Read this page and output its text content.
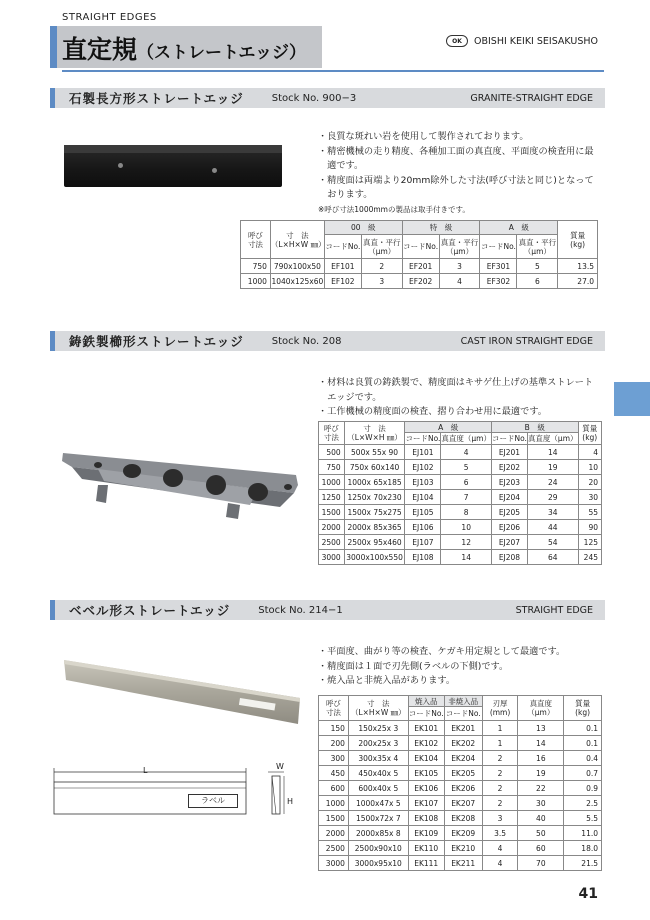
STRAIGHT EDGES
直定規（ストレートエッジ）
OK	OBISHI KEIKI SEISAKUSHO
石製長方形ストレートエッジ	Stock No. 900−3	GRANITE-STRAIGHT EDGE
・良質な斑れい岩を使用して製作されております。
・精密機械の走り精度、各種加工面の真直度、平面度の検査用に最
　適です。
・精度面は両端より20mm除外した寸法(呼び寸法と同じ)となって
　おります。
※呼び寸法1000mmの製品は取手付きです。
呼び
寸法	寸　法
（L×H×W ㎜）	00　級		特　級		A　級		質量
(kg)
		コードNo.	真直・平行
（μm）	コードNo.	真直・平行
（μm）	コードNo.	真直・平行
（μm）	
750	790x100x50	EF101	2	EF201	3	EF301	5	13.5
1000	1040x125x60	EF102	3	EF202	4	EF302	6	27.0
鋳鉄製櫛形ストレートエッジ	Stock No. 208	CAST IRON STRAIGHT EDGE
・材料は良質の鋳鉄製で、精度面はキサゲ仕上げの基準ストレート
　エッジです。
・工作機械の精度面の検査、摺り合わせ用に最適です。
呼び
寸法	寸　法
（L×W×H ㎜）	A　級		B　級		質量
(kg)
		コードNo.	真直度（μm）	コードNo.	真直度（μm）	
500	500x 55x 90	EJ101	4	EJ201	14	4
750	750x 60x140	EJ102	5	EJ202	19	10
1000	1000x 65x185	EJ103	6	EJ203	24	20
1250	1250x 70x230	EJ104	7	EJ204	29	30
1500	1500x 75x275	EJ105	8	EJ205	34	55
2000	2000x 85x365	EJ106	10	EJ206	44	90
2500	2500x 95x460	EJ107	12	EJ207	54	125
3000	3000x100x550	EJ108	14	EJ208	64	245
ベベル形ストレートエッジ	Stock No. 214−1	STRAIGHT EDGE
L	W
H
ラベル
・平面度、曲がり等の検査、ケガキ用定規として最適です。
・精度面は１面で刃先側(ラベルの下側)です。
・焼入品と非焼入品があります。
呼び
寸法	寸　法
（L×H×W ㎜）	焼入品	非焼入品	刃厚
(mm)	真直度
（μm）	質量
(kg)
		コードNo.	コードNo.			
150	150x25x 3	EK101	EK201	1	13	0.1
200	200x25x 3	EK102	EK202	1	14	0.1
300	300x35x 4	EK104	EK204	2	16	0.4
450	450x40x 5	EK105	EK205	2	19	0.7
600	600x40x 5	EK106	EK206	2	22	0.9
1000	1000x47x 5	EK107	EK207	2	30	2.5
1500	1500x72x 7	EK108	EK208	3	40	5.5
2000	2000x85x 8	EK109	EK209	3.5	50	11.0
2500	2500x90x10	EK110	EK210	4	60	18.0
3000	3000x95x10	EK111	EK211	4	70	21.5
41
